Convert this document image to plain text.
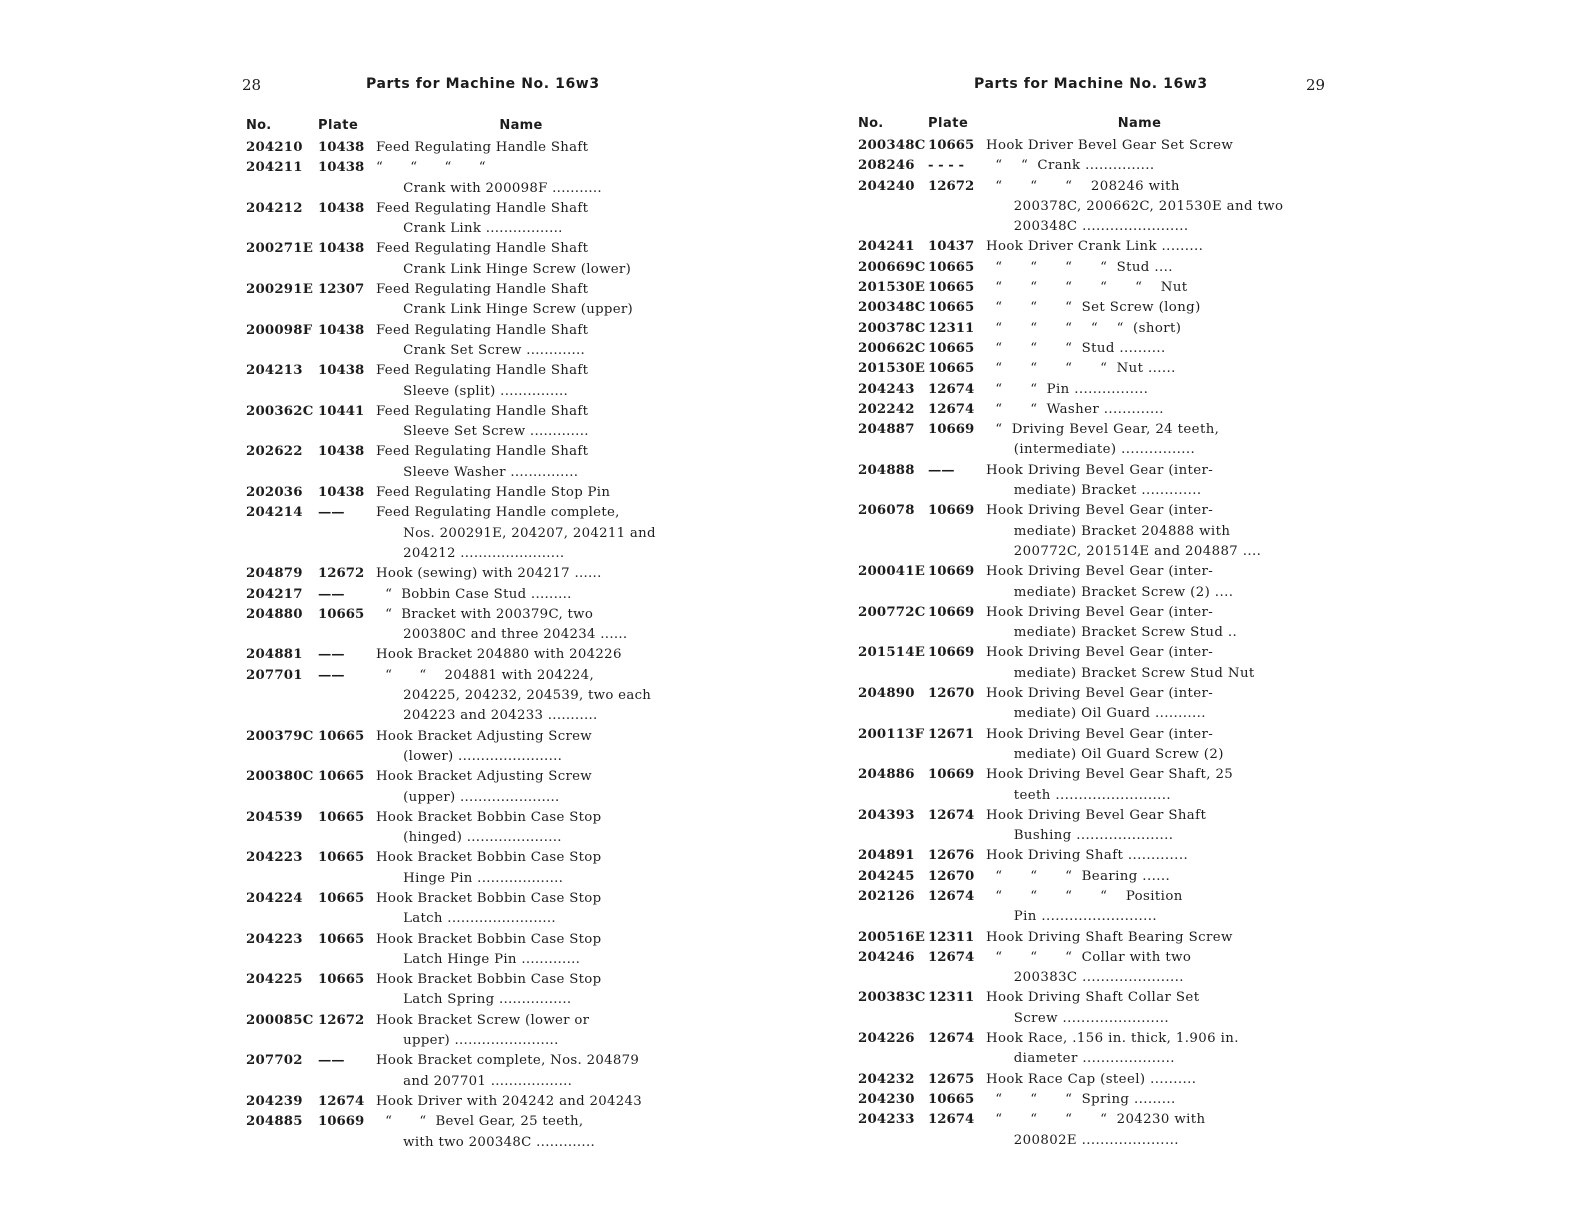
28	Parts for Machine No. 16w3
No.	Plate	Name
204210	10438 Feed Regulating Handle Shaft
204211	10438 “      “      “      “
Crank with 200098F ...........
204212	10438 Feed Regulating Handle Shaft
Crank Link .................
200271E 10438 Feed Regulating Handle Shaft
Crank Link Hinge Screw (lower)
200291E 12307 Feed Regulating Handle Shaft
Crank Link Hinge Screw (upper)
200098F 10438 Feed Regulating Handle Shaft
Crank Set Screw .............
204213	10438 Feed Regulating Handle Shaft
Sleeve (split) ...............
200362C 10441 Feed Regulating Handle Shaft
Sleeve Set Screw .............
202622	10438 Feed Regulating Handle Shaft
Sleeve Washer ...............
202036	10438 Feed Regulating Handle Stop Pin
204214	——	Feed Regulating Handle complete,
Nos. 200291E, 204207, 204211 and
204212 .......................
204879	12672 Hook (sewing) with 204217 ......
204217	——	“  Bobbin Case Stud .........
204880	10665 “  Bracket with 200379C, two
200380C and three 204234 ......
204881	——	Hook Bracket 204880 with 204226
207701	——	“      “    204881 with 204224,
204225, 204232, 204539, two each
204223 and 204233 ...........
200379C 10665 Hook Bracket Adjusting Screw
(lower) .......................
200380C 10665 Hook Bracket Adjusting Screw
(upper) ......................
204539	10665 Hook Bracket Bobbin Case Stop
(hinged) .....................
204223	10665 Hook Bracket Bobbin Case Stop
Hinge Pin ...................
204224	10665 Hook Bracket Bobbin Case Stop
Latch ........................
204223	10665 Hook Bracket Bobbin Case Stop
Latch Hinge Pin .............
204225	10665 Hook Bracket Bobbin Case Stop
Latch Spring ................
200085C 12672 Hook Bracket Screw (lower or
upper) .......................
207702	——	Hook Bracket complete, Nos. 204879
and 207701 ..................
204239	12674 Hook Driver with 204242 and 204243
204885	10669 “      “  Bevel Gear, 25 teeth,
with two 200348C .............
29
Parts for Machine No. 16w3
No.	Plate	Name
200348C 10665 Hook Driver Bevel Gear Set Screw
208246 - - - -	“    “  Crank ...............
204240 12672 “      “      “    208246 with
200378C, 200662C, 201530E and two
200348C .......................
204241 10437 Hook Driver Crank Link .........
200669C 10665 “      “      “      “  Stud ....
201530E 10665 “      “      “      “      “    Nut
200348C 10665 “      “      “  Set Screw (long)
200378C 12311 “      “      “    “    “  (short)
200662C 10665 “      “      “  Stud ..........
201530E 10665 “      “      “      “  Nut ......
204243 12674 “      “  Pin ................
202242 12674 “      “  Washer .............
204887 10669 “  Driving Bevel Gear, 24 teeth,
(intermediate) ................
204888 ——	Hook Driving Bevel Gear (inter-
mediate) Bracket .............
206078 10669 Hook Driving Bevel Gear (inter-
mediate) Bracket 204888 with
200772C, 201514E and 204887 ....
200041E 10669 Hook Driving Bevel Gear (inter-
mediate) Bracket Screw (2) ....
200772C 10669 Hook Driving Bevel Gear (inter-
mediate) Bracket Screw Stud ..
201514E 10669 Hook Driving Bevel Gear (inter-
mediate) Bracket Screw Stud Nut
204890 12670 Hook Driving Bevel Gear (inter-
mediate) Oil Guard ...........
200113F 12671 Hook Driving Bevel Gear (inter-
mediate) Oil Guard Screw (2)
204886 10669 Hook Driving Bevel Gear Shaft, 25
teeth .........................
204393 12674 Hook Driving Bevel Gear Shaft
Bushing .....................
204891 12676 Hook Driving Shaft .............
204245 12670 “      “      “  Bearing ......
202126 12674 “      “      “      “    Position
Pin .........................
200516E 12311 Hook Driving Shaft Bearing Screw
204246 12674 “      “      “  Collar with two
200383C ......................
200383C 12311 Hook Driving Shaft Collar Set
Screw .......................
204226 12674 Hook Race, .156 in. thick, 1.906 in.
diameter ....................
204232 12675 Hook Race Cap (steel) ..........
204230 10665 “      “      “  Spring .........
204233 12674 “      “      “      “  204230 with
200802E .....................
